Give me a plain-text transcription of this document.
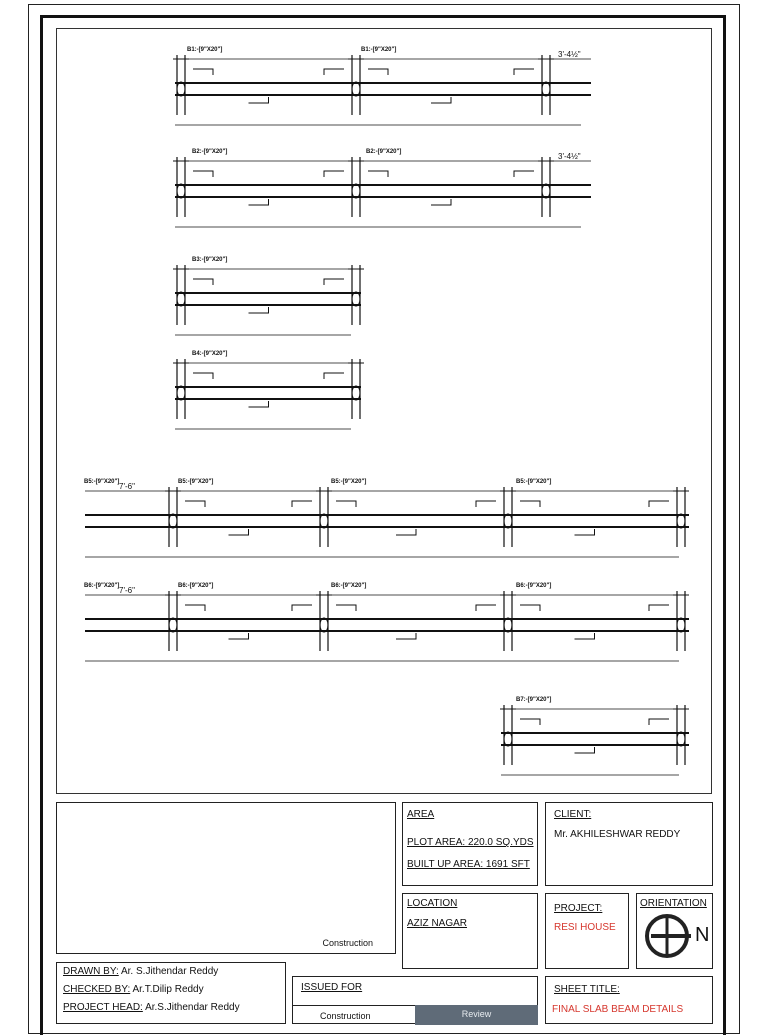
B1:-[9"X20"]	B1:-[9"X20"]	3'-4½"
B2:-[9"X20"]	B2:-[9"X20"]	3'-4½"
B3:-[9"X20"]
B4:-[9"X20"]
B5:-[9"X20"]	B5:-[9"X20"]	B5:-[9"X20"]	B5:-[9"X20"]
7'-6"
B6:-[9"X20"]	B6:-[9"X20"]	B6:-[9"X20"]	B6:-[9"X20"]
7'-6"
B7:-[9"X20"]
Construction
AREA
PLOT AREA: 220.0 SQ.YDS
BUILT UP AREA: 1691 SFT
CLIENT:
Mr. AKHILESHWAR REDDY
LOCATION
AZIZ NAGAR
PROJECT:
RESI HOUSE
ORIENTATION
N
DRAWN BY: Ar. S.Jithendar Reddy
CHECKED BY: Ar.T.Dilip Reddy
PROJECT HEAD: Ar.S.Jithendar Reddy
ISSUED FOR
Construction	Review
SHEET TITLE:
FINAL SLAB BEAM DETAILS
